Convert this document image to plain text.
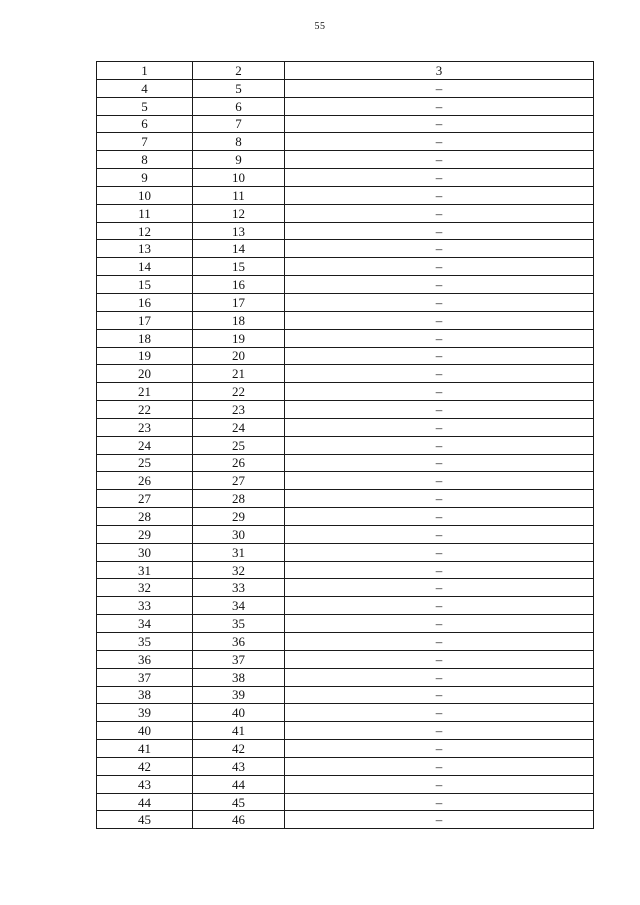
55
1	2	3
4	5	–
5	6	–
6	7	–
7	8	–
8	9	–
9	10	–
10	11	–
11	12	–
12	13	–
13	14	–
14	15	–
15	16	–
16	17	–
17	18	–
18	19	–
19	20	–
20	21	–
21	22	–
22	23	–
23	24	–
24	25	–
25	26	–
26	27	–
27	28	–
28	29	–
29	30	–
30	31	–
31	32	–
32	33	–
33	34	–
34	35	–
35	36	–
36	37	–
37	38	–
38	39	–
39	40	–
40	41	–
41	42	–
42	43	–
43	44	–
44	45	–
45	46	–
